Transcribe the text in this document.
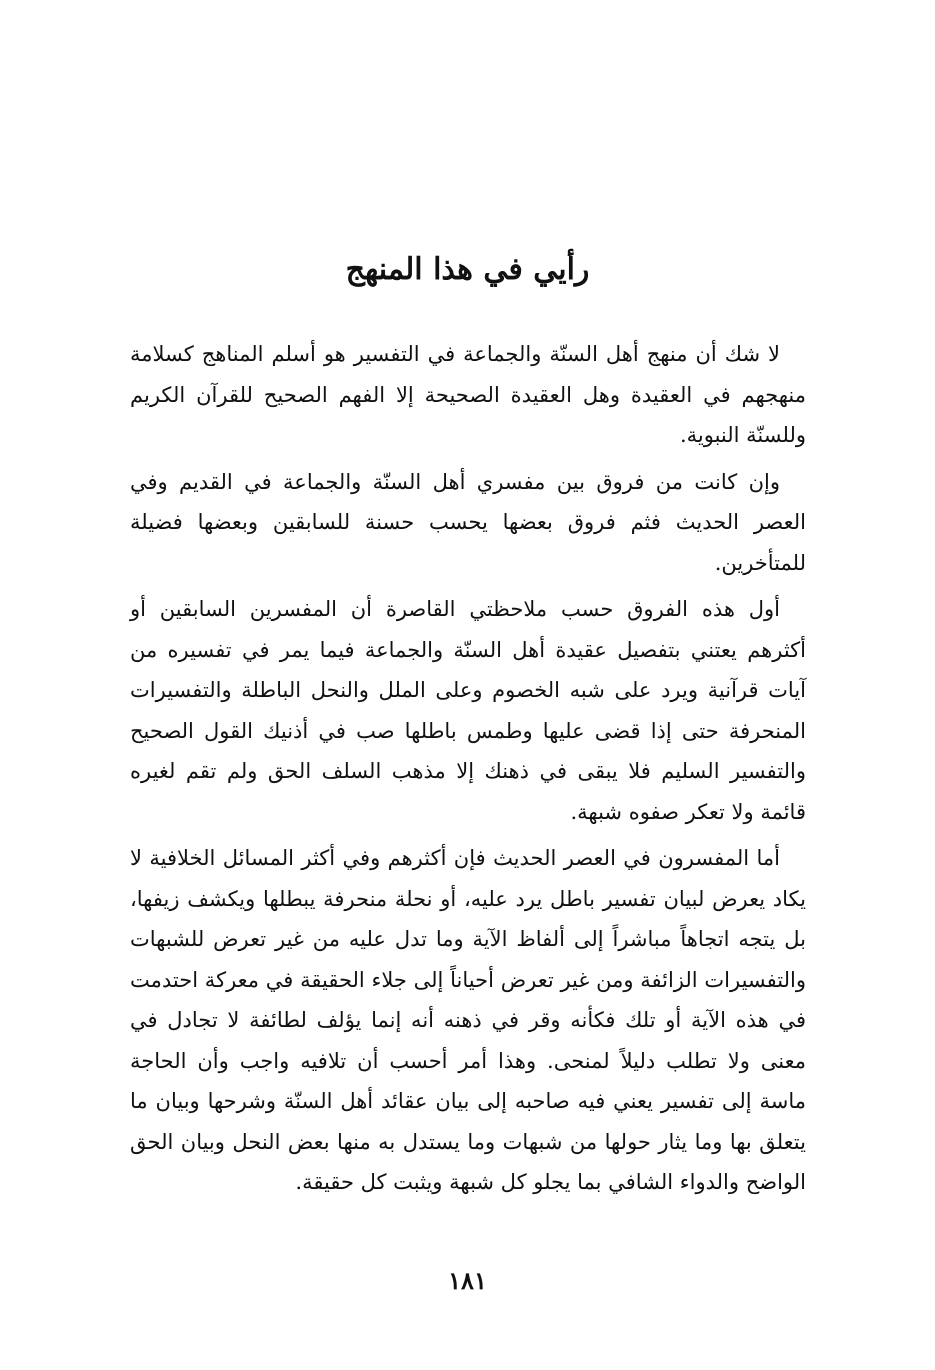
رأيي في هذا المنهج

لا شك أن منهج أهل السنّة والجماعة في التفسير هو أسلم المناهج كسلامة منهجهم في العقيدة وهل العقيدة الصحيحة إلا الفهم الصحيح للقرآن الكريم وللسنّة النبوية.

وإن كانت من فروق بين مفسري أهل السنّة والجماعة في القديم وفي العصر الحديث فثم فروق بعضها يحسب حسنة للسابقين وبعضها فضيلة للمتأخرين.

أول هذه الفروق حسب ملاحظتي القاصرة أن المفسرين السابقين أو أكثرهم يعتني بتفصيل عقيدة أهل السنّة والجماعة فيما يمر في تفسيره من آيات قرآنية ويرد على شبه الخصوم وعلى الملل والنحل الباطلة والتفسيرات المنحرفة حتى إذا قضى عليها وطمس باطلها صب في أذنيك القول الصحيح والتفسير السليم فلا يبقى في ذهنك إلا مذهب السلف الحق ولم تقم لغيره قائمة ولا تعكر صفوه شبهة.

أما المفسرون في العصر الحديث فإن أكثرهم وفي أكثر المسائل الخلافية لا يكاد يعرض لبيان تفسير باطل يرد عليه، أو نحلة منحرفة يبطلها ويكشف زيفها، بل يتجه اتجاهاً مباشراً إلى ألفاظ الآية وما تدل عليه من غير تعرض للشبهات والتفسيرات الزائفة ومن غير تعرض أحياناً إلى جلاء الحقيقة في معركة احتدمت في هذه الآية أو تلك فكأنه وقر في ذهنه أنه إنما يؤلف لطائفة لا تجادل في معنى ولا تطلب دليلاً لمنحى. وهذا أمر أحسب أن تلافيه واجب وأن الحاجة ماسة إلى تفسير يعني فيه صاحبه إلى بيان عقائد أهل السنّة وشرحها وبيان ما يتعلق بها وما يثار حولها من شبهات وما يستدل به منها بعض النحل وبيان الحق الواضح والدواء الشافي بما يجلو كل شبهة ويثبت كل حقيقة.

١٨١
